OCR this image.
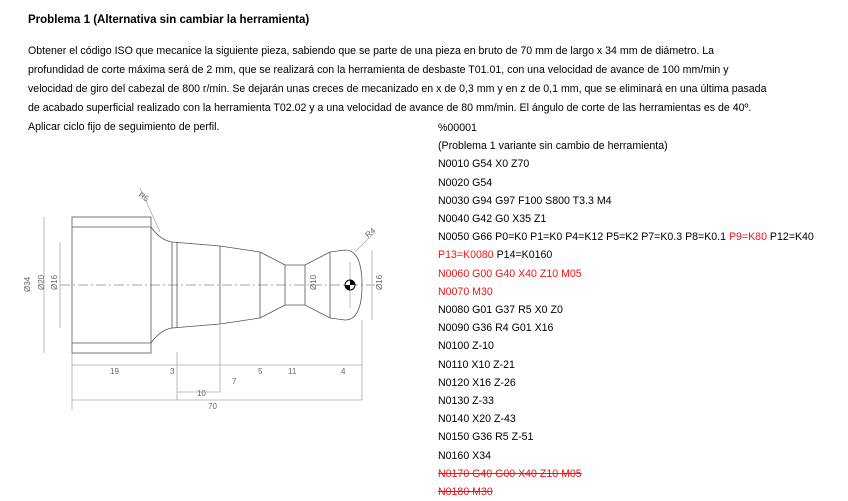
Problema 1 (Alternativa sin cambiar la herramienta)
Obtener el código ISO que mecanice la siguiente pieza, sabiendo que se parte de una pieza en bruto de 70 mm de largo x 34 mm de diámetro. La
profundidad de corte máxima será de 2 mm, que se realizará con la herramienta de desbaste T01.01, con una velocidad de avance de 100 mm/min y
velocidad de giro del cabezal de 800 r/min. Se dejarán unas creces de mecanizado en x de 0,3 mm y en z de 0,1 mm, que se eliminará en una última pasada
de acabado superficial realizado con la herramienta T02.02 y a una velocidad de avance de 80 mm/min. El ángulo de corte de las herramientas es de 40º.
Aplicar ciclo fijo de seguimiento de perfil.
R5
R4
Ø34 Ø20 Ø16	Ø16
Ø10
19	3
10
7
5	11	4
70
%00001
(Problema 1 variante sin cambio de herramienta)
N0010 G54 X0 Z70
N0020 G54
N0030 G94 G97 F100 S800 T3.3 M4
N0040 G42 G0 X35 Z1
N0050 G66 P0=K0 P1=K0 P4=K12 P5=K2 P7=K0.3 P8=K0.1 P9=K80 P12=K40
P13=K0080 P14=K0160
N0060 G00 G40 X40 Z10 M05
N0070 M30
N0080 G01 G37 R5 X0 Z0
N0090 G36 R4 G01 X16
N0100 Z-10
N0110 X10 Z-21
N0120 X16 Z-26
N0130 Z-33
N0140 X20 Z-43
N0150 G36 R5 Z-51
N0160 X34
N0170 G40 G00 X40 Z10 M05
N0180 M30
